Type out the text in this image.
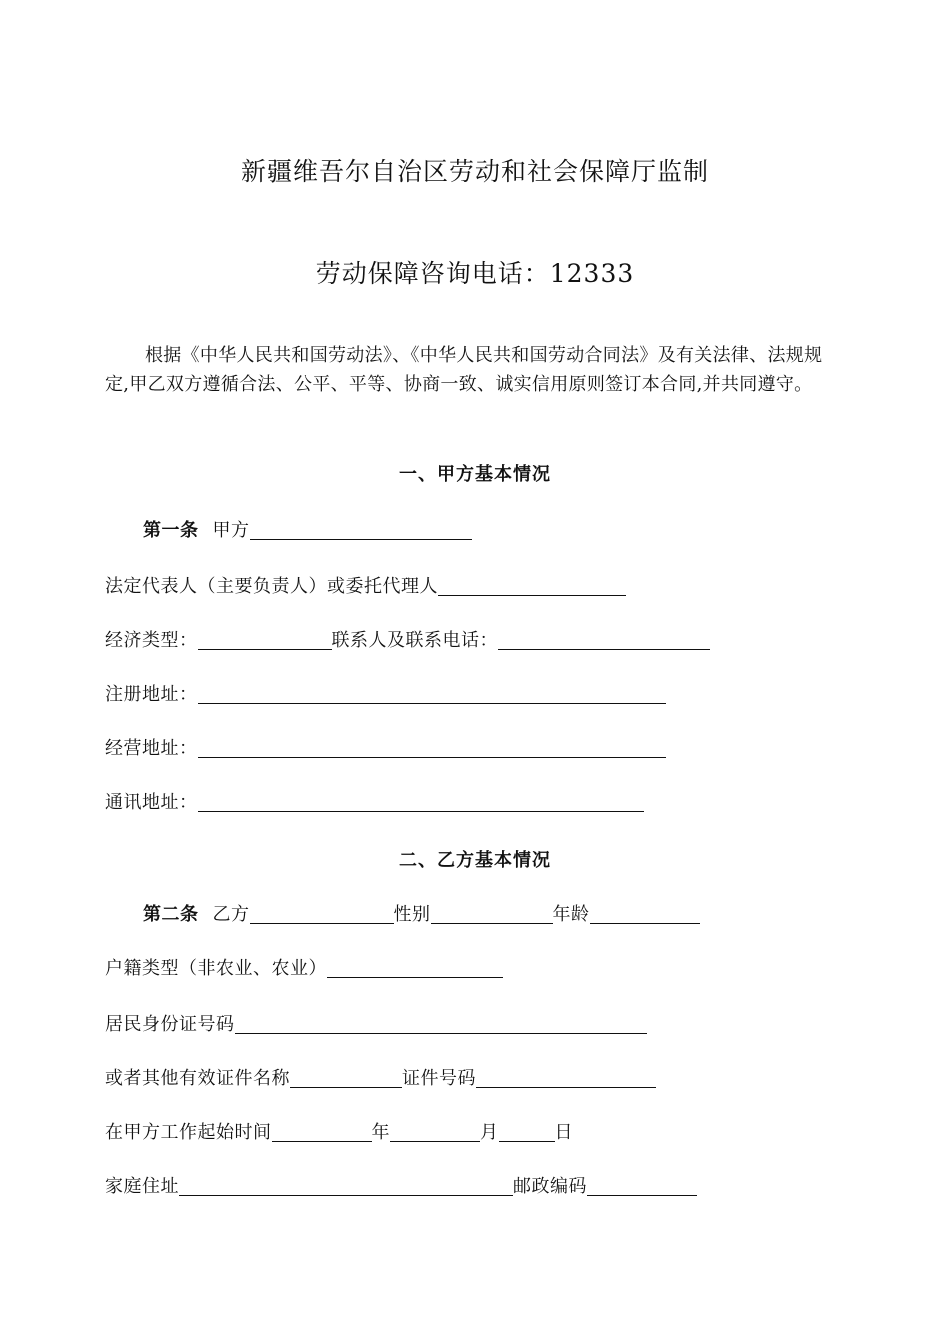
新疆维吾尔自治区劳动和社会保障厅监制
劳动保障咨询电话：12333

根据《中华人民共和国劳动法》、《中华人民共和国劳动合同法》及有关法律、法规规定,甲乙双方遵循合法、公平、平等、协商一致、诚实信用原则签订本合同,并共同遵守。

一、甲方基本情况
第一条 甲方
法定代表人（主要负责人）或委托代理人
经济类型：	联系人及联系电话：
注册地址：
经营地址：
通讯地址：
二、乙方基本情况
第二条 乙方	性别	年龄
户籍类型（非农业、农业）
居民身份证号码
或者其他有效证件名称	证件号码
在甲方工作起始时间	年	月	日
家庭住址	邮政编码
